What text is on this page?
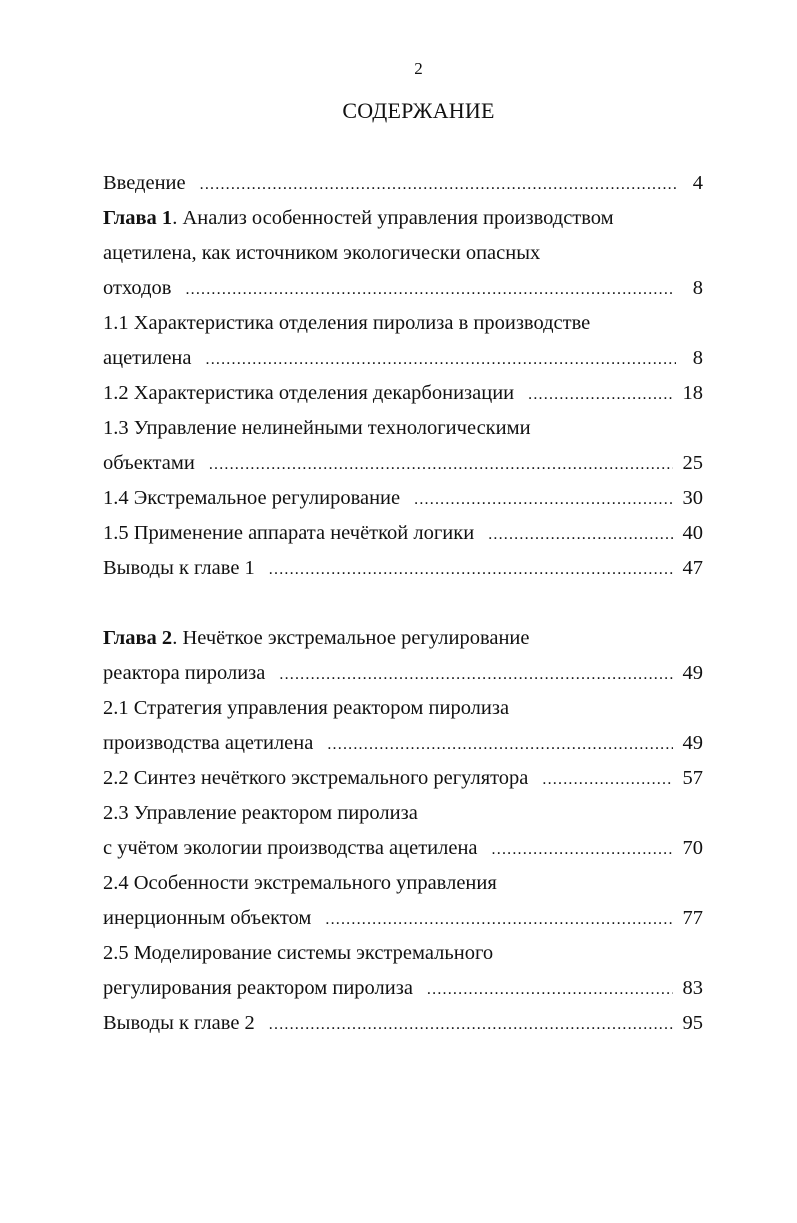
2
СОДЕРЖАНИЕ
Введение .....	4
Глава 1. Анализ особенностей управления производством
ацетилена, как источником экологически опасных
отходов .....	8
1.1 Характеристика отделения пиролиза в производстве
ацетилена .....	8
1.2 Характеристика отделения декарбонизации .....	18
1.3 Управление нелинейными технологическими
объектами .....	25
1.4 Экстремальное регулирование .....	30
1.5 Применение аппарата нечёткой логики .....	40
Выводы к главе 1 .....	47
Глава 2. Нечёткое экстремальное регулирование
реактора пиролиза .....	49
2.1 Стратегия управления реактором пиролиза
производства ацетилена .....	49
2.2 Синтез нечёткого экстремального регулятора .....	57
2.3 Управление реактором пиролиза
с учётом экологии производства ацетилена .....	70
2.4 Особенности экстремального управления
инерционным объектом .....	77
2.5 Моделирование системы экстремального
регулирования реактором пиролиза .....	83
Выводы к главе 2 .....	95
